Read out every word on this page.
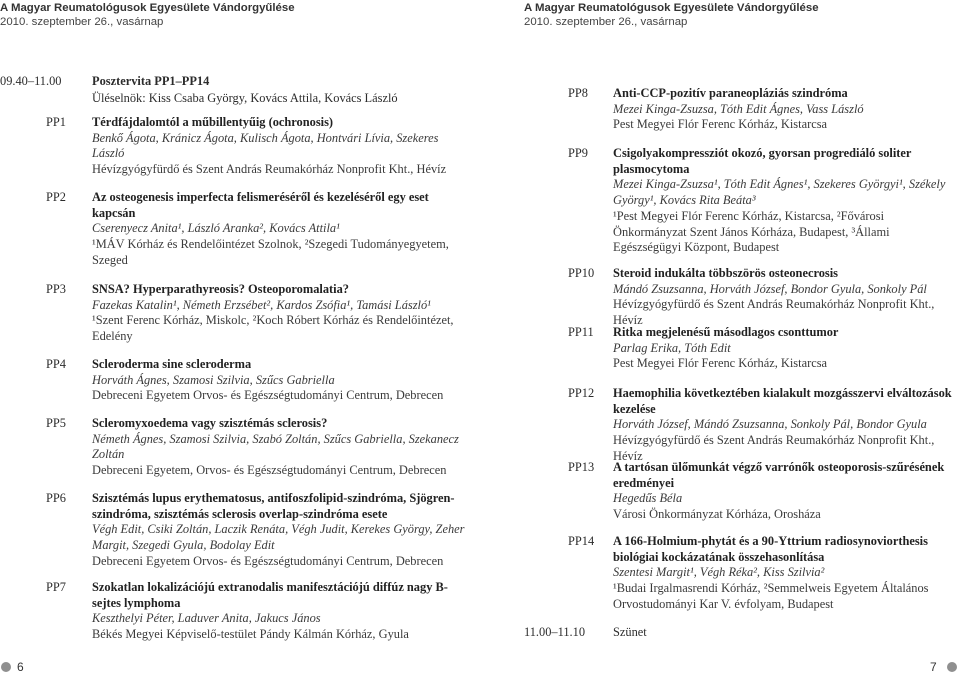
A Magyar Reumatológusok Egyesülete Vándorgyűlése
2010. szeptember 26., vasárnap
A Magyar Reumatológusok Egyesülete Vándorgyűlése
2010. szeptember 26., vasárnap
09.40–11.00 Posztervita PP1–PP14
Üléselnök: Kiss Csaba György, Kovács Attila, Kovács László
PP1 Térdfájdalomtól a műbillentyűig (ochronosis)
Benkő Ágota, Kránicz Ágota, Kulisch Ágota, Hontvári Lívia, Szekeres László
Hévízgyógyfürdő és Szent András Reumakórház Nonprofit Kht., Hévíz
PP2 Az osteogenesis imperfecta felismeréséről és kezeléséről egy eset kapcsán
Cserenyecz Anita¹, László Aranka², Kovács Attila¹
¹MÁV Kórház és Rendelőintézet Szolnok, ²Szegedi Tudományegyetem, Szeged
PP3 SNSA? Hyperparathyreosis? Osteoporomalatia?
Fazekas Katalin¹, Németh Erzsébet², Kardos Zsófia¹, Tamási László¹
¹Szent Ferenc Kórház, Miskolc, ²Koch Róbert Kórház és Rendelőintézet, Edelény
PP4 Scleroderma sine scleroderma
Horváth Ágnes, Szamosi Szilvia, Szűcs Gabriella
Debreceni Egyetem Orvos- és Egészségtudományi Centrum, Debrecen
PP5 Scleromyxoedema vagy szisztémás sclerosis?
Németh Ágnes, Szamosi Szilvia, Szabó Zoltán, Szűcs Gabriella, Szekanecz Zoltán
Debreceni Egyetem, Orvos- és Egészségtudományi Centrum, Debrecen
PP6 Szisztémás lupus erythematosus, antifoszfolipid-szindróma, Sjögren-szindróma, szisztémás sclerosis overlap-szindróma esete
Végh Edit, Csiki Zoltán, Laczik Renáta, Végh Judit, Kerekes György, Zeher Margit, Szegedi Gyula, Bodolay Edit
Debreceni Egyetem Orvos- és Egészségtudományi Centrum, Debrecen
PP7 Szokatlan lokalizációjú extranodalis manifesztációjú diffúz nagy B-sejtes lymphoma
Keszthelyi Péter, Laduver Anita, Jakucs János
Békés Megyei Képviselő-testület Pándy Kálmán Kórház, Gyula
PP8 Anti-CCP-pozitív paraneopláziás szindróma
Mezei Kinga-Zsuzsa, Tóth Edit Ágnes, Vass László
Pest Megyei Flór Ferenc Kórház, Kistarcsa
PP9 Csigolyakompressziót okozó, gyorsan progrediáló soliter plasmocytoma
Mezei Kinga-Zsuzsa¹, Tóth Edit Ágnes¹, Szekeres Györgyi¹, Székely György¹, Kovács Rita Beáta³
¹Pest Megyei Flór Ferenc Kórház, Kistarcsa, ²Fővárosi Önkormányzat Szent János Kórháza, Budapest, ³Állami Egészségügyi Központ, Budapest
PP10 Steroid indukálta többszörös osteonecrosis
Mándó Zsuzsanna, Horváth József, Bondor Gyula, Sonkoly Pál
Hévízgyógyfürdő és Szent András Reumakórház Nonprofit Kht., Hévíz
PP11 Ritka megjelenésű másodlagos csonttumor
Parlag Erika, Tóth Edit
Pest Megyei Flór Ferenc Kórház, Kistarcsa
PP12 Haemophilia következtében kialakult mozgásszervi elváltozások kezelése
Horváth József, Mándó Zsuzsanna, Sonkoly Pál, Bondor Gyula
Hévízgyógyfürdő és Szent András Reumakórház Nonprofit Kht., Hévíz
PP13 A tartósan ülőmunkát végző varrónők osteoporosis-szűrésének eredményei
Hegedűs Béla
Városi Önkormányzat Kórháza, Orosháza
PP14 A 166-Holmium-phytát és a 90-Yttrium radiosynoviorthesis biológiai kockázatának összehasonlítása
Szentesi Margit¹, Végh Réka², Kiss Szilvia²
¹Budai Irgalmasrendi Kórház, ²Semmelweis Egyetem Általános Orvostudományi Kar V. évfolyam, Budapest
11.00–11.10 Szünet
6	7
